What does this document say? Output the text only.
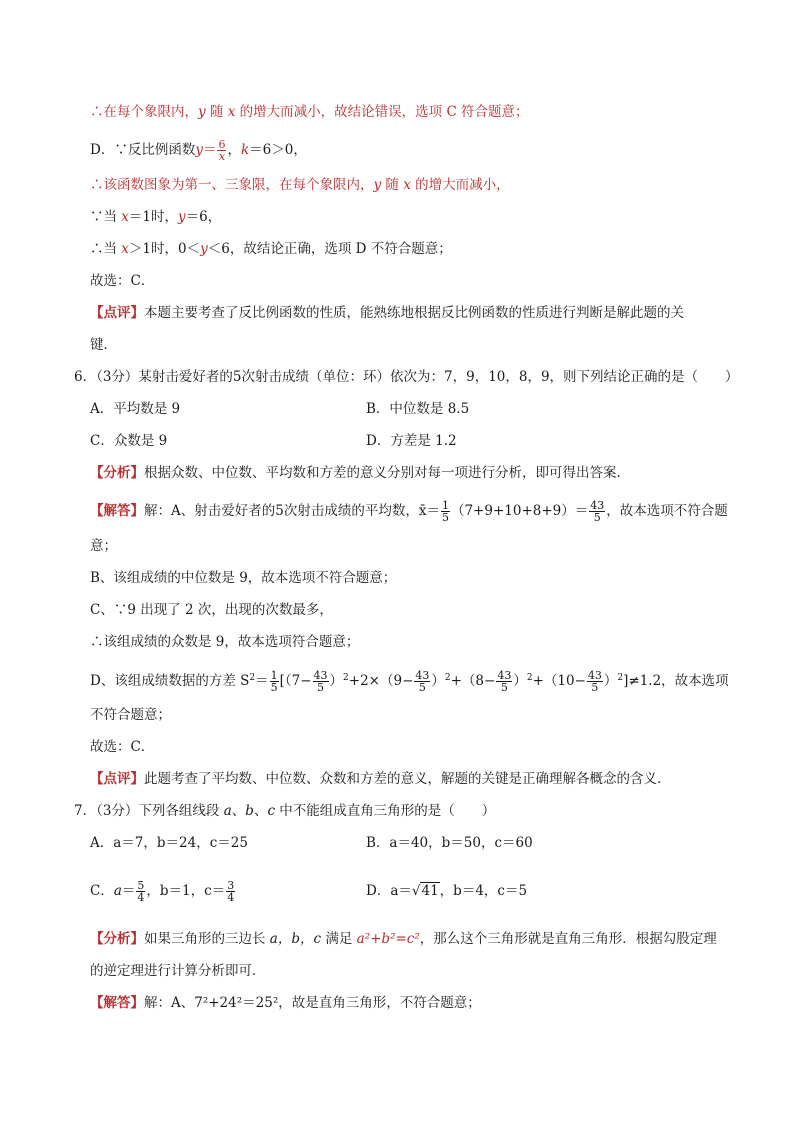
∴在每个象限内，y 随 x 的增大而减小，故结论错误，选项 C 符合题意；
D．∵反比例函数$y= \frac{6}{x}$ ，k＝6＞0，
∴该函数图象为第一、三象限，在每个象限内，y 随 x 的增大而减小，
∵当 x＝1时，y＝6，
∴当 x＞1时，0＜y＜6，故结论正确，选项 D 不符合题意；
故选：C．
【点评】本题主要考查了反比例函数的性质，能熟练地根据反比例函数的性质进行判断是解此题的关
键．
6．（3分）某射击爱好者的5次射击成绩（单位：环）依次为：7，9，10，8，9，则下列结论正确的是（　　）
A．平均数是 9	B．中位数是 8.5
C．众数是 9	D．方差是 1.2
【分析】根据众数、中位数、平均数和方差的意义分别对每一项进行分析，即可得出答案．
【解答】解：A、射击爱好者的5次射击成绩的平均数，x̄＝ $\frac{1}{5} (7+9+10+8+9)= \frac{43}{5}$ ，故本选项不符合题
意；
B、该组成绩的中位数是 9，故本选项不符合题意；
C、∵9 出现了 2 次，出现的次数最多，
∴该组成绩的众数是 9，故本选项符合题意；
D、该组成绩数据的方差 $S^2= \frac{1}{5} [(7- \frac{43}{5} )^2+2\times(9- \frac{43}{5} )^2+(8- \frac{43}{5} )^2+(10- \frac{43}{5} )^2]\ne 1.2$，故本选项
不符合题意；
故选：C．
【点评】此题考查了平均数、中位数、众数和方差的意义，解题的关键是正确理解各概念的含义．
7．（3分）下列各组线段 a、b、c 中不能组成直角三角形的是（　　）
A．a＝7，b＝24，c＝25	B．a＝40，b＝50，c＝60
C．$a= \frac{5}{4}$ ，b＝1，$c= \frac{3}{4}$	D．a＝√41，b＝4，c＝5
【分析】如果三角形的三边长 a，b，c 满足 a²+b²=c²，那么这个三角形就是直角三角形．根据勾股定理
的逆定理进行计算分析即可．
【解答】解：A、7²+24²＝25²，故是直角三角形，不符合题意；
